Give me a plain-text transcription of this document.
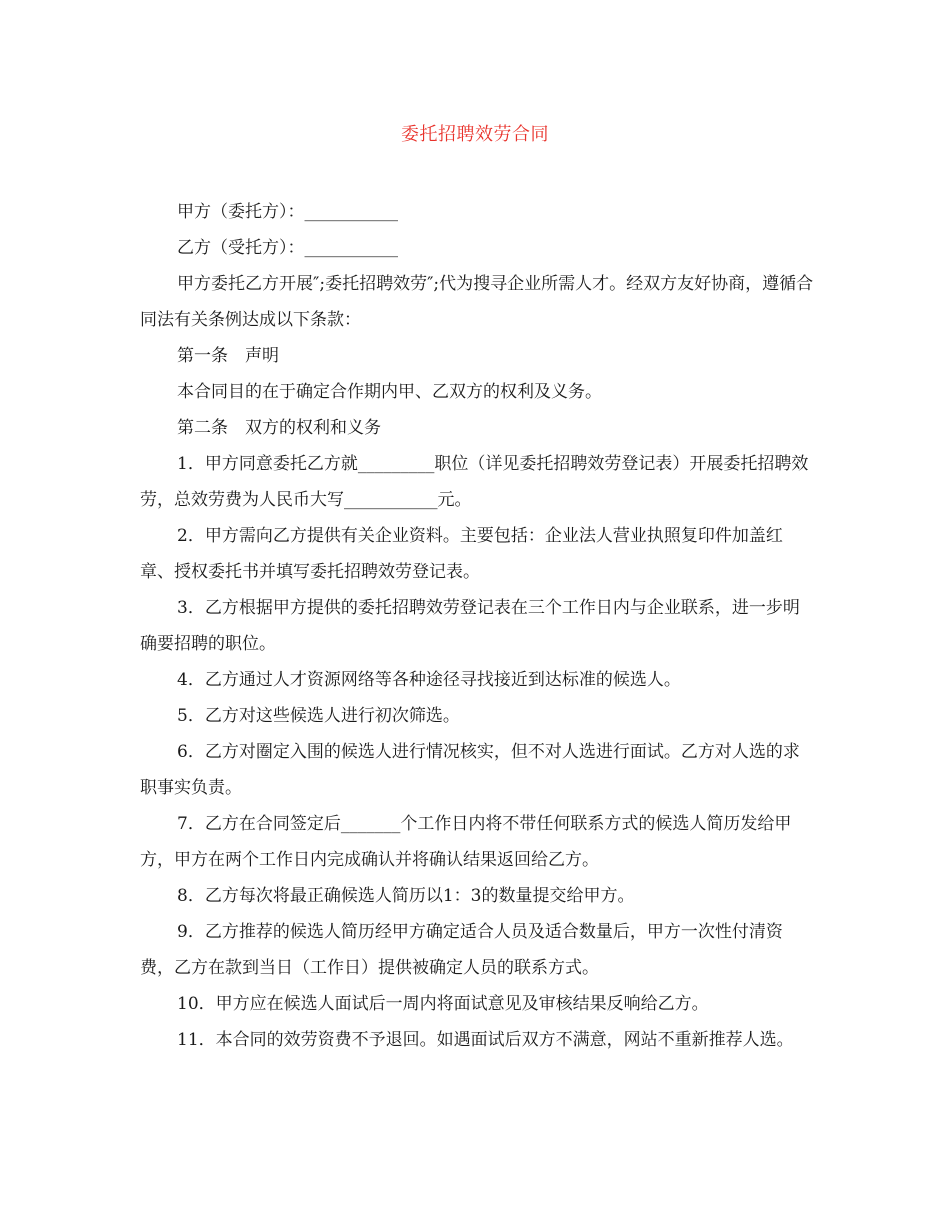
委托招聘效劳合同

甲方（委托方）：___________

乙方（受托方）：___________

甲方委托乙方开展″;委托招聘效劳″;代为搜寻企业所需人才。经双方友好协商，遵循合同法有关条例达成以下条款：

第一条　声明

本合同目的在于确定合作期内甲、乙双方的权利及义务。

第二条　双方的权利和义务

1．甲方同意委托乙方就_________职位（详见委托招聘效劳登记表）开展委托招聘效劳，总效劳费为人民币大写___________元。

2．甲方需向乙方提供有关企业资料。主要包括：企业法人营业执照复印件加盖红章、授权委托书并填写委托招聘效劳登记表。

3．乙方根据甲方提供的委托招聘效劳登记表在三个工作日内与企业联系，进一步明确要招聘的职位。

4．乙方通过人才资源网络等各种途径寻找接近到达标准的候选人。

5．乙方对这些候选人进行初次筛选。

6．乙方对圈定入围的候选人进行情况核实，但不对人选进行面试。乙方对人选的求职事实负责。

7．乙方在合同签定后_______个工作日内将不带任何联系方式的候选人简历发给甲方，甲方在两个工作日内完成确认并将确认结果返回给乙方。

8．乙方每次将最正确候选人简历以1：3的数量提交给甲方。

9．乙方推荐的候选人简历经甲方确定适合人员及适合数量后，甲方一次性付清资费，乙方在款到当日（工作日）提供被确定人员的联系方式。

10．甲方应在候选人面试后一周内将面试意见及审核结果反响给乙方。

11．本合同的效劳资费不予退回。如遇面试后双方不满意，网站不重新推荐人选。
